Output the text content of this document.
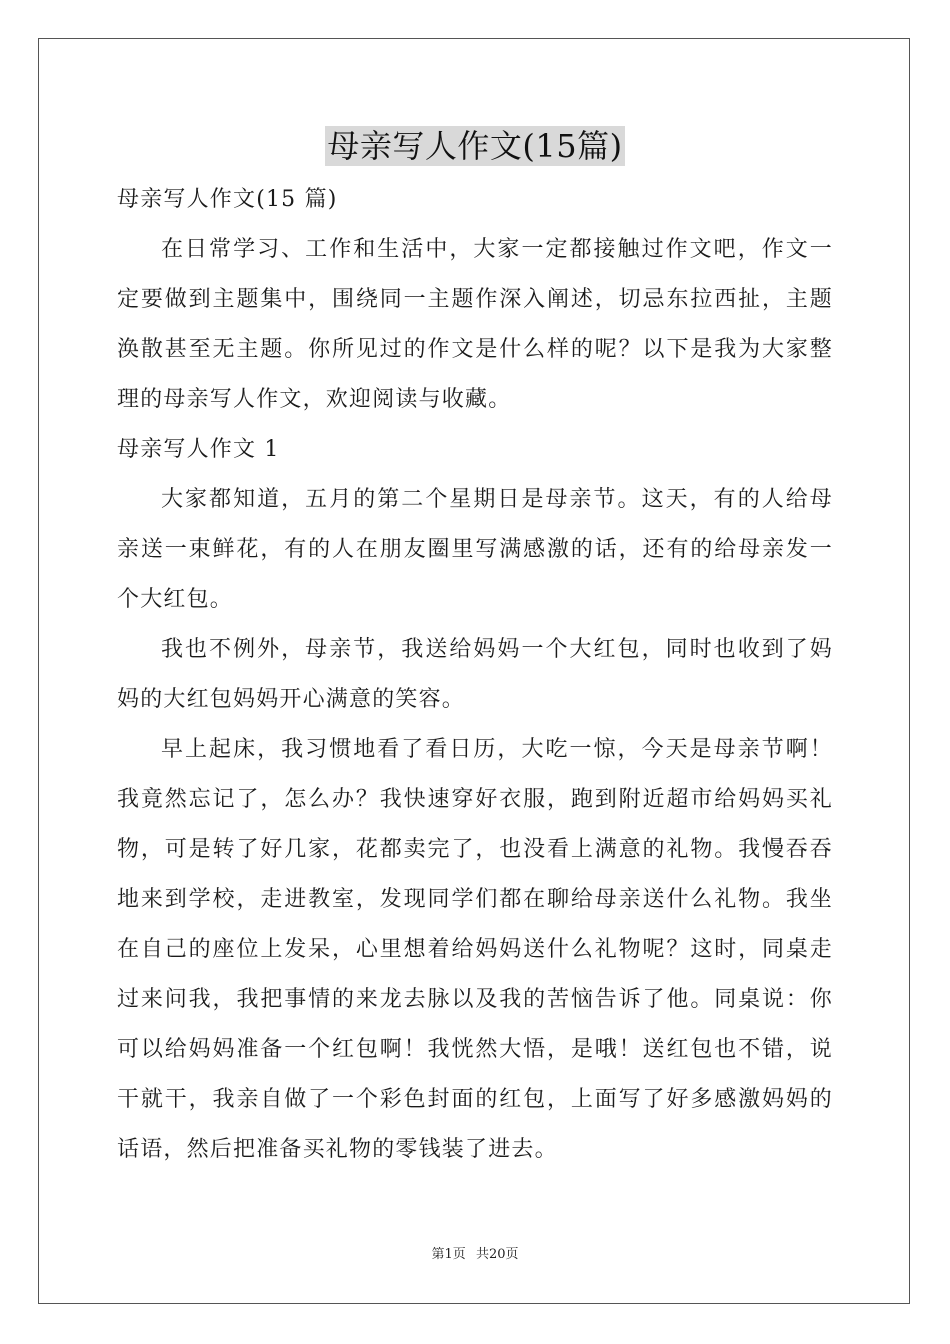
母亲写人作文(15篇)

母亲写人作文(15 篇)

在日常学习、工作和生活中，大家一定都接触过作文吧，作文一定要做到主题集中，围绕同一主题作深入阐述，切忌东拉西扯，主题涣散甚至无主题。你所见过的作文是什么样的呢？以下是我为大家整理的母亲写人作文，欢迎阅读与收藏。

母亲写人作文 1

大家都知道，五月的第二个星期日是母亲节。这天，有的人给母亲送一束鲜花，有的人在朋友圈里写满感激的话，还有的给母亲发一个大红包。

我也不例外，母亲节，我送给妈妈一个大红包，同时也收到了妈妈的大红包妈妈开心满意的笑容。

早上起床，我习惯地看了看日历，大吃一惊，今天是母亲节啊！我竟然忘记了，怎么办？我快速穿好衣服，跑到附近超市给妈妈买礼物，可是转了好几家，花都卖完了，也没看上满意的礼物。我慢吞吞地来到学校，走进教室，发现同学们都在聊给母亲送什么礼物。我坐在自己的座位上发呆，心里想着给妈妈送什么礼物呢？这时，同桌走过来问我，我把事情的来龙去脉以及我的苦恼告诉了他。同桌说：你可以给妈妈准备一个红包啊！我恍然大悟，是哦！送红包也不错，说干就干，我亲自做了一个彩色封面的红包，上面写了好多感激妈妈的话语，然后把准备买礼物的零钱装了进去。

第1页 共20页
